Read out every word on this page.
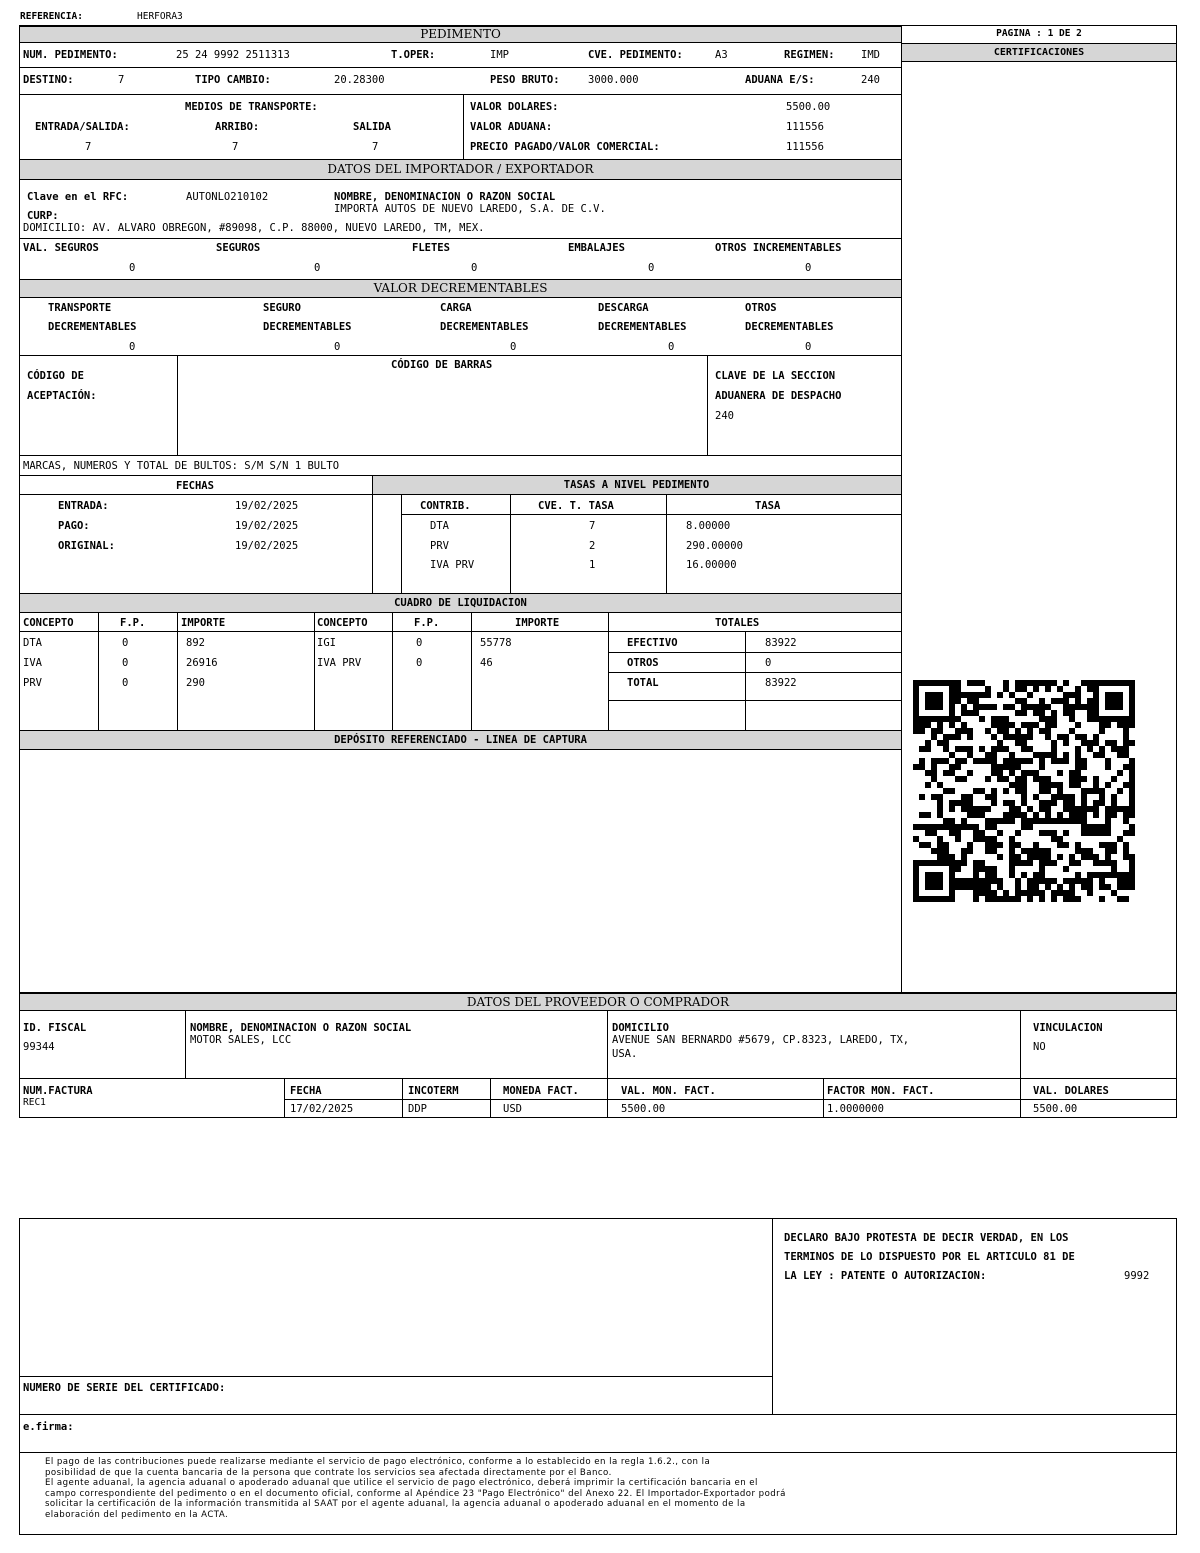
REFERENCIA:	HERFORA3
PEDIMENTO	PAGINA : 1 DE 2
CERTIFICACIONES
NUM. PEDIMENTO:	25 24 9992 2511313	T.OPER:	IMP	CVE. PEDIMENTO:	A3	REGIMEN:	IMD
DESTINO:	7	TIPO CAMBIO:	20.28300	PESO BRUTO:	3000.000	ADUANA E/S:	240
MEDIOS DE TRANSPORTE:
ENTRADA/SALIDA:	ARRIBO:	SALIDA
7	7	7
VALOR DOLARES:	5500.00
VALOR ADUANA:	111556
PRECIO PAGADO/VALOR COMERCIAL:	111556
DATOS DEL IMPORTADOR / EXPORTADOR
Clave en el RFC:	AUTONLO210102	NOMBRE, DENOMINACION O RAZON SOCIAL
IMPORTA AUTOS DE NUEVO LAREDO, S.A. DE C.V.
CURP:
DOMICILIO: AV. ALVARO OBREGON, #89098, C.P. 88000, NUEVO LAREDO, TM, MEX.
VAL. SEGUROS	SEGUROS	FLETES	EMBALAJES	OTROS INCREMENTABLES
0	0	0	0	0
VALOR DECREMENTABLES
TRANSPORTE	SEGURO	CARGA	DESCARGA	OTROS
DECREMENTABLES	DECREMENTABLES	DECREMENTABLES	DECREMENTABLES	DECREMENTABLES
0	0	0	0	0
CÓDIGO DE
ACEPTACIÓN:
CÓDIGO DE BARRAS
CLAVE DE LA SECCION
ADUANERA DE DESPACHO
240
MARCAS, NUMEROS Y TOTAL DE BULTOS: S/M S/N 1 BULTO
TASAS A NIVEL PEDIMENTO
FECHAS
ENTRADA:	19/02/2025
PAGO:	19/02/2025
ORIGINAL:	19/02/2025
CONTRIB.	CVE. T. TASA	TASA
DTA	7	8.00000
PRV	2	290.00000
IVA PRV	1	16.00000
CUADRO DE LIQUIDACION
CONCEPTO	F.P.	IMPORTE	CONCEPTO	F.P.	IMPORTE	TOTALES
DTA	0	892
IVA	0	26916
PRV	0	290
IGI	0	55778
IVA PRV	0	46
EFECTIVO	83922
OTROS	0
TOTAL	83922
DEPÓSITO REFERENCIADO - LINEA DE CAPTURA
DATOS DEL PROVEEDOR O COMPRADOR
ID. FISCAL
99344
NOMBRE, DENOMINACION O RAZON SOCIAL
MOTOR SALES, LCC
DOMICILIO
AVENUE SAN BERNARDO #5679, CP.8323, LAREDO, TX,
USA.
VINCULACION
NO
NUM.FACTURA
REC1
FECHA
17/02/2025
INCOTERM
DDP
MONEDA FACT.
USD
VAL. MON. FACT.
5500.00
FACTOR MON. FACT.
1.0000000
VAL. DOLARES
5500.00
DECLARO BAJO PROTESTA DE DECIR VERDAD, EN LOS
TERMINOS DE LO DISPUESTO POR EL ARTICULO 81 DE
LA LEY : PATENTE O AUTORIZACION:	9992
NUMERO DE SERIE DEL CERTIFICADO:
e.firma:
El pago de las contribuciones puede realizarse mediante el servicio de pago electrónico, conforme a lo establecido en la regla 1.6.2., con la
posibilidad de que la cuenta bancaria de la persona que contrate los servicios sea afectada directamente por el Banco.
El agente aduanal, la agencia aduanal o apoderado aduanal que utilice el servicio de pago electrónico, deberá imprimir la certificación bancaria en el
campo correspondiente del pedimento o en el documento oficial, conforme al Apéndice 23 "Pago Electrónico" del Anexo 22. El Importador-Exportador podrá
solicitar la certificación de la información transmitida al SAAT por el agente aduanal, la agencia aduanal o apoderado aduanal en el momento de la
elaboración del pedimento en la ACTA.
